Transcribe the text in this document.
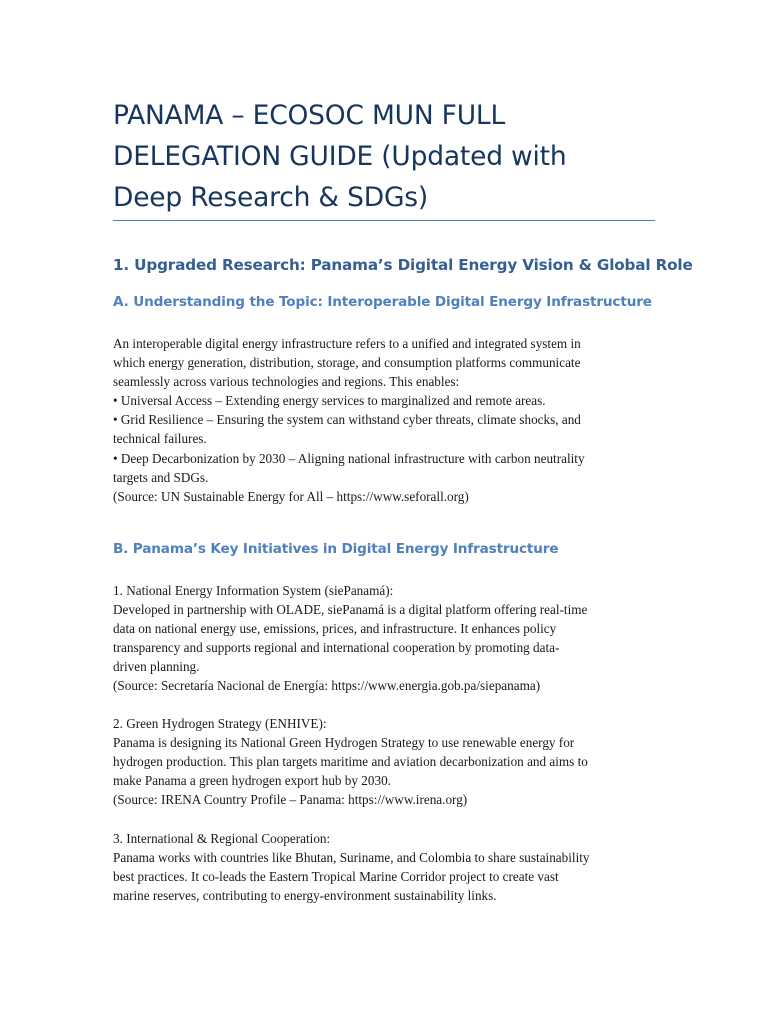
PANAMA – ECOSOC MUN FULL
DELEGATION GUIDE (Updated with
Deep Research & SDGs)
1. Upgraded Research: Panama’s Digital Energy Vision & Global Role
A. Understanding the Topic: Interoperable Digital Energy Infrastructure
An interoperable digital energy infrastructure refers to a unified and integrated system in
which energy generation, distribution, storage, and consumption platforms communicate
seamlessly across various technologies and regions. This enables:
• Universal Access – Extending energy services to marginalized and remote areas.
• Grid Resilience – Ensuring the system can withstand cyber threats, climate shocks, and
technical failures.
• Deep Decarbonization by 2030 – Aligning national infrastructure with carbon neutrality
targets and SDGs.
(Source: UN Sustainable Energy for All – https://www.seforall.org)
B. Panama’s Key Initiatives in Digital Energy Infrastructure
1. National Energy Information System (siePanamá):
Developed in partnership with OLADE, siePanamá is a digital platform offering real-time
data on national energy use, emissions, prices, and infrastructure. It enhances policy
transparency and supports regional and international cooperation by promoting data-
driven planning.
(Source: Secretaría Nacional de Energía: https://www.energia.gob.pa/siepanama)
2. Green Hydrogen Strategy (ENHIVE):
Panama is designing its National Green Hydrogen Strategy to use renewable energy for
hydrogen production. This plan targets maritime and aviation decarbonization and aims to
make Panama a green hydrogen export hub by 2030.
(Source: IRENA Country Profile – Panama: https://www.irena.org)
3. International & Regional Cooperation:
Panama works with countries like Bhutan, Suriname, and Colombia to share sustainability
best practices. It co-leads the Eastern Tropical Marine Corridor project to create vast
marine reserves, contributing to energy-environment sustainability links.
